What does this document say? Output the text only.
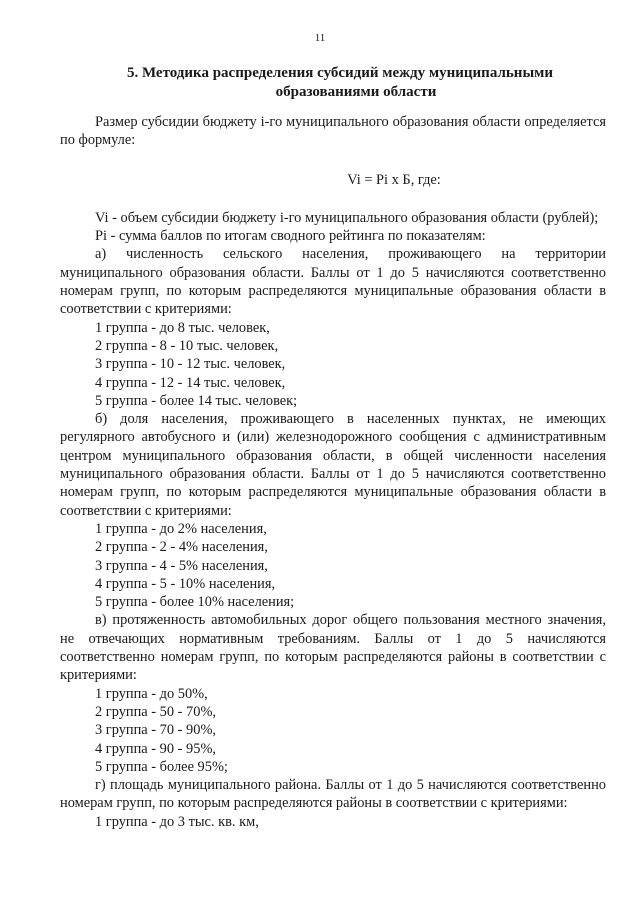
11
5. Методика распределения субсидий между муниципальными
образованиями области

Размер субсидии бюджету i-го муниципального образования области определяется по формуле:

Vi = Pi x Б, где:

Vi - объем субсидии бюджету i-го муниципального образования области (рублей);

Pi - сумма баллов по итогам сводного рейтинга по показателям:

а) численность сельского населения, проживающего на территории муниципального образования области. Баллы от 1 до 5 начисляются соответственно номерам групп, по которым распределяются муниципальные образования области в соответствии с критериями:

1 группа - до 8 тыс. человек,

2 группа - 8 - 10 тыс. человек,

3 группа - 10 - 12 тыс. человек,

4 группа - 12 - 14 тыс. человек,

5 группа - более 14 тыс. человек;

б) доля населения, проживающего в населенных пунктах, не имеющих регулярного автобусного и (или) железнодорожного сообщения с административным центром муниципального образования области, в общей численности населения муниципального образования области. Баллы от 1 до 5 начисляются соответственно номерам групп, по которым распределяются муниципальные образования области в соответствии с критериями:

1 группа - до 2% населения,

2 группа - 2 - 4% населения,

3 группа - 4 - 5% населения,

4 группа - 5 - 10% населения,

5 группа - более 10% населения;

в) протяженность автомобильных дорог общего пользования местного значения, не отвечающих нормативным требованиям. Баллы от 1 до 5 начисляются соответственно номерам групп, по которым распределяются районы в соответствии с критериями:

1 группа - до 50%,

2 группа - 50 - 70%,

3 группа - 70 - 90%,

4 группа - 90 - 95%,

5 группа - более 95%;

г) площадь муниципального района. Баллы от 1 до 5 начисляются соответственно номерам групп, по которым распределяются районы в соответствии с критериями:

1 группа - до 3 тыс. кв. км,
